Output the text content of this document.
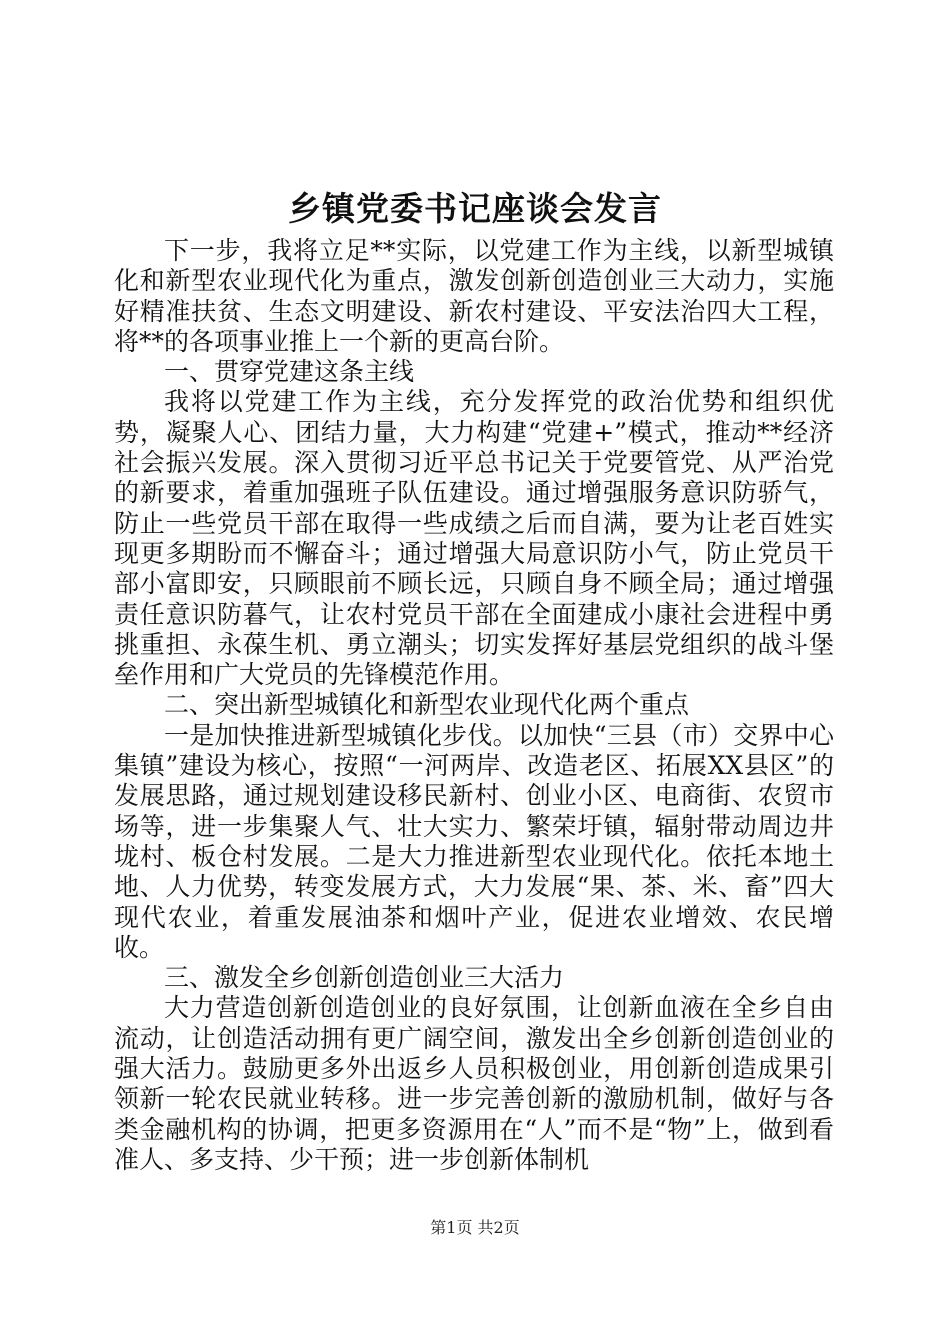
乡镇党委书记座谈会发言

下一步，我将立足**实际，以党建工作为主线，以新型城镇化和新型农业现代化为重点，激发创新创造创业三大动力，实施好精准扶贫、生态文明建设、新农村建设、平安法治四大工程，将**的各项事业推上一个新的更高台阶。

一、贯穿党建这条主线

我将以党建工作为主线，充分发挥党的政治优势和组织优势，凝聚人心、团结力量，大力构建“党建+”模式，推动**经济社会振兴发展。深入贯彻习近平总书记关于党要管党、从严治党的新要求，着重加强班子队伍建设。通过增强服务意识防骄气，防止一些党员干部在取得一些成绩之后而自满，要为让老百姓实现更多期盼而不懈奋斗；通过增强大局意识防小气，防止党员干部小富即安，只顾眼前不顾长远，只顾自身不顾全局；通过增强责任意识防暮气，让农村党员干部在全面建成小康社会进程中勇挑重担、永葆生机、勇立潮头；切实发挥好基层党组织的战斗堡垒作用和广大党员的先锋模范作用。

二、突出新型城镇化和新型农业现代化两个重点

一是加快推进新型城镇化步伐。以加快“三县（市）交界中心集镇”建设为核心，按照“一河两岸、改造老区、拓展XX县区”的发展思路，通过规划建设移民新村、创业小区、电商街、农贸市场等，进一步集聚人气、壮大实力、繁荣圩镇，辐射带动周边井垅村、板仓村发展。二是大力推进新型农业现代化。依托本地土地、人力优势，转变发展方式，大力发展“果、茶、米、畜”四大现代农业，着重发展油茶和烟叶产业，促进农业增效、农民增收。

三、激发全乡创新创造创业三大活力

大力营造创新创造创业的良好氛围，让创新血液在全乡自由流动，让创造活动拥有更广阔空间，激发出全乡创新创造创业的强大活力。鼓励更多外出返乡人员积极创业，用创新创造成果引领新一轮农民就业转移。进一步完善创新的激励机制，做好与各类金融机构的协调，把更多资源用在“人”而不是“物”上，做到看准人、多支持、少干预；进一步创新体制机

第1页 共2页
